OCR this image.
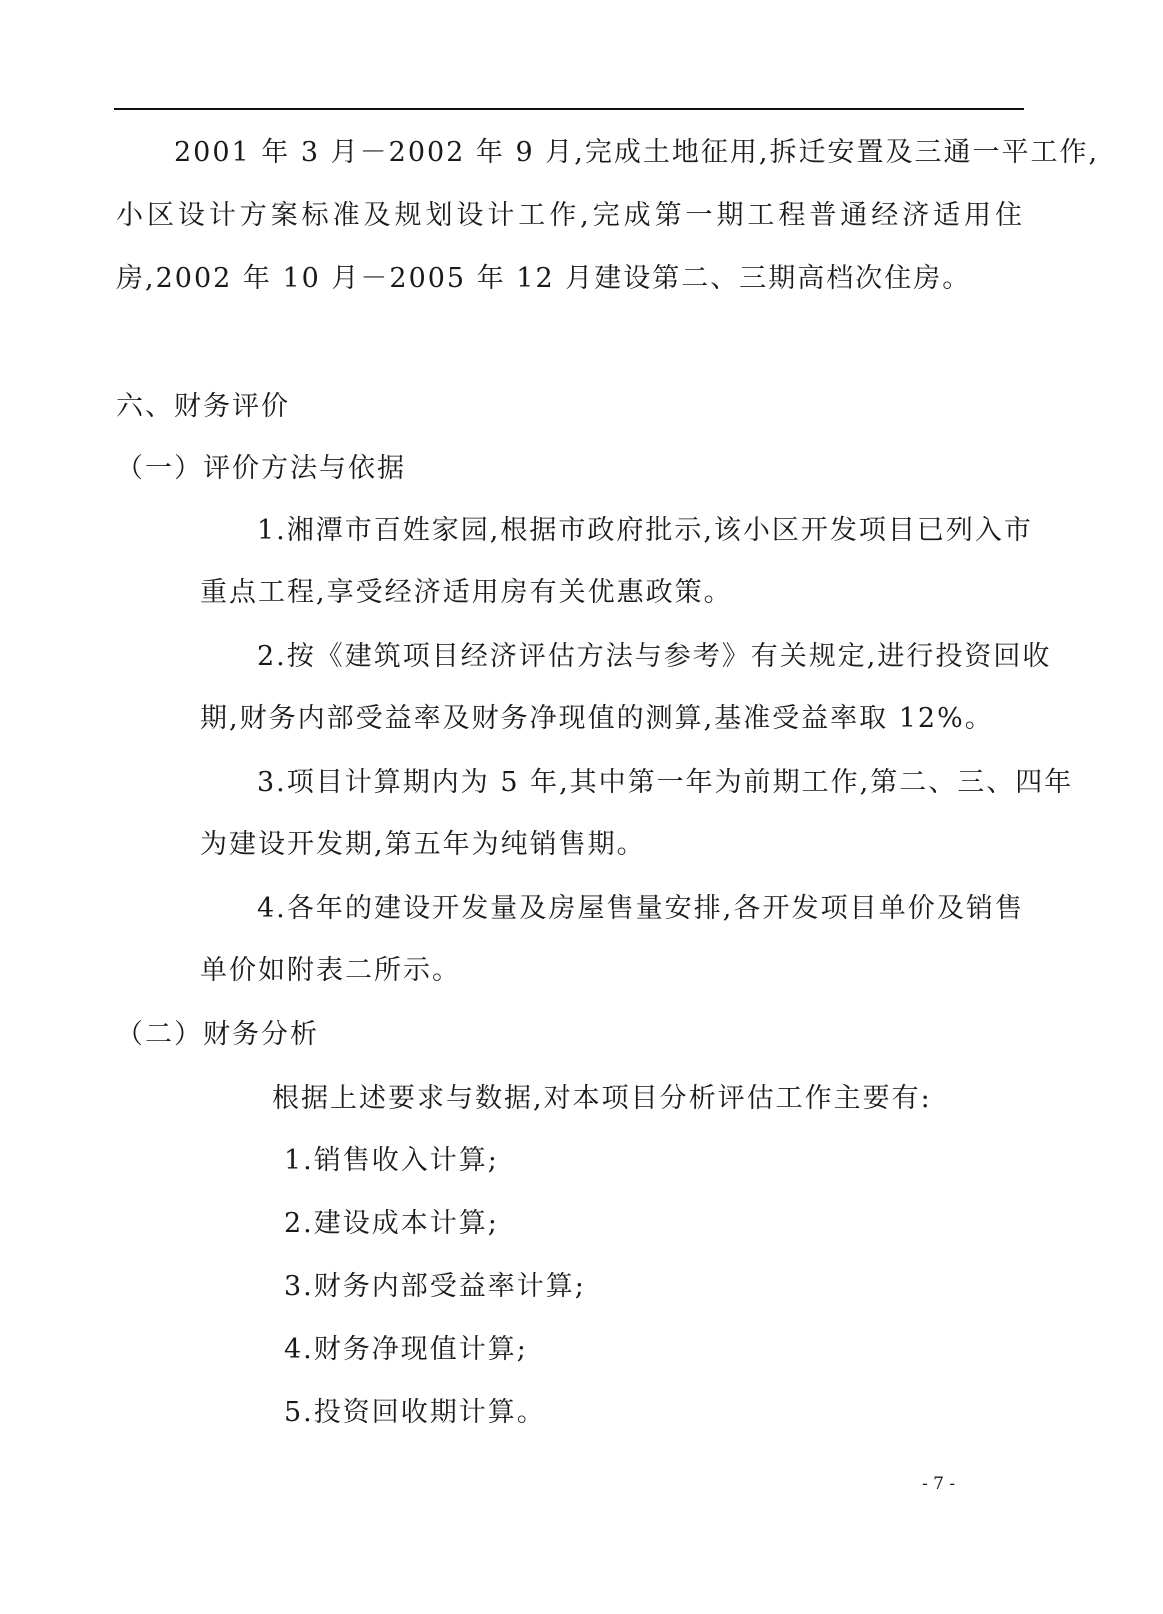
2001 年 3 月－2002 年 9 月,完成土地征用,拆迁安置及三通一平工作,
小区设计方案标准及规划设计工作,完成第一期工程普通经济适用住
房,2002 年 10 月－2005 年 12 月建设第二、三期高档次住房。
六、财务评价
（一）评价方法与依据
1.湘潭市百姓家园,根据市政府批示,该小区开发项目已列入市
重点工程,享受经济适用房有关优惠政策。
2.按《建筑项目经济评估方法与参考》有关规定,进行投资回收
期,财务内部受益率及财务净现值的测算,基准受益率取 12%。
3.项目计算期内为 5 年,其中第一年为前期工作,第二、三、四年
为建设开发期,第五年为纯销售期。
4.各年的建设开发量及房屋售量安排,各开发项目单价及销售
单价如附表二所示。
（二）财务分析
根据上述要求与数据,对本项目分析评估工作主要有:
1.销售收入计算;
2.建设成本计算;
3.财务内部受益率计算;
4.财务净现值计算;
5.投资回收期计算。
- 7 -
